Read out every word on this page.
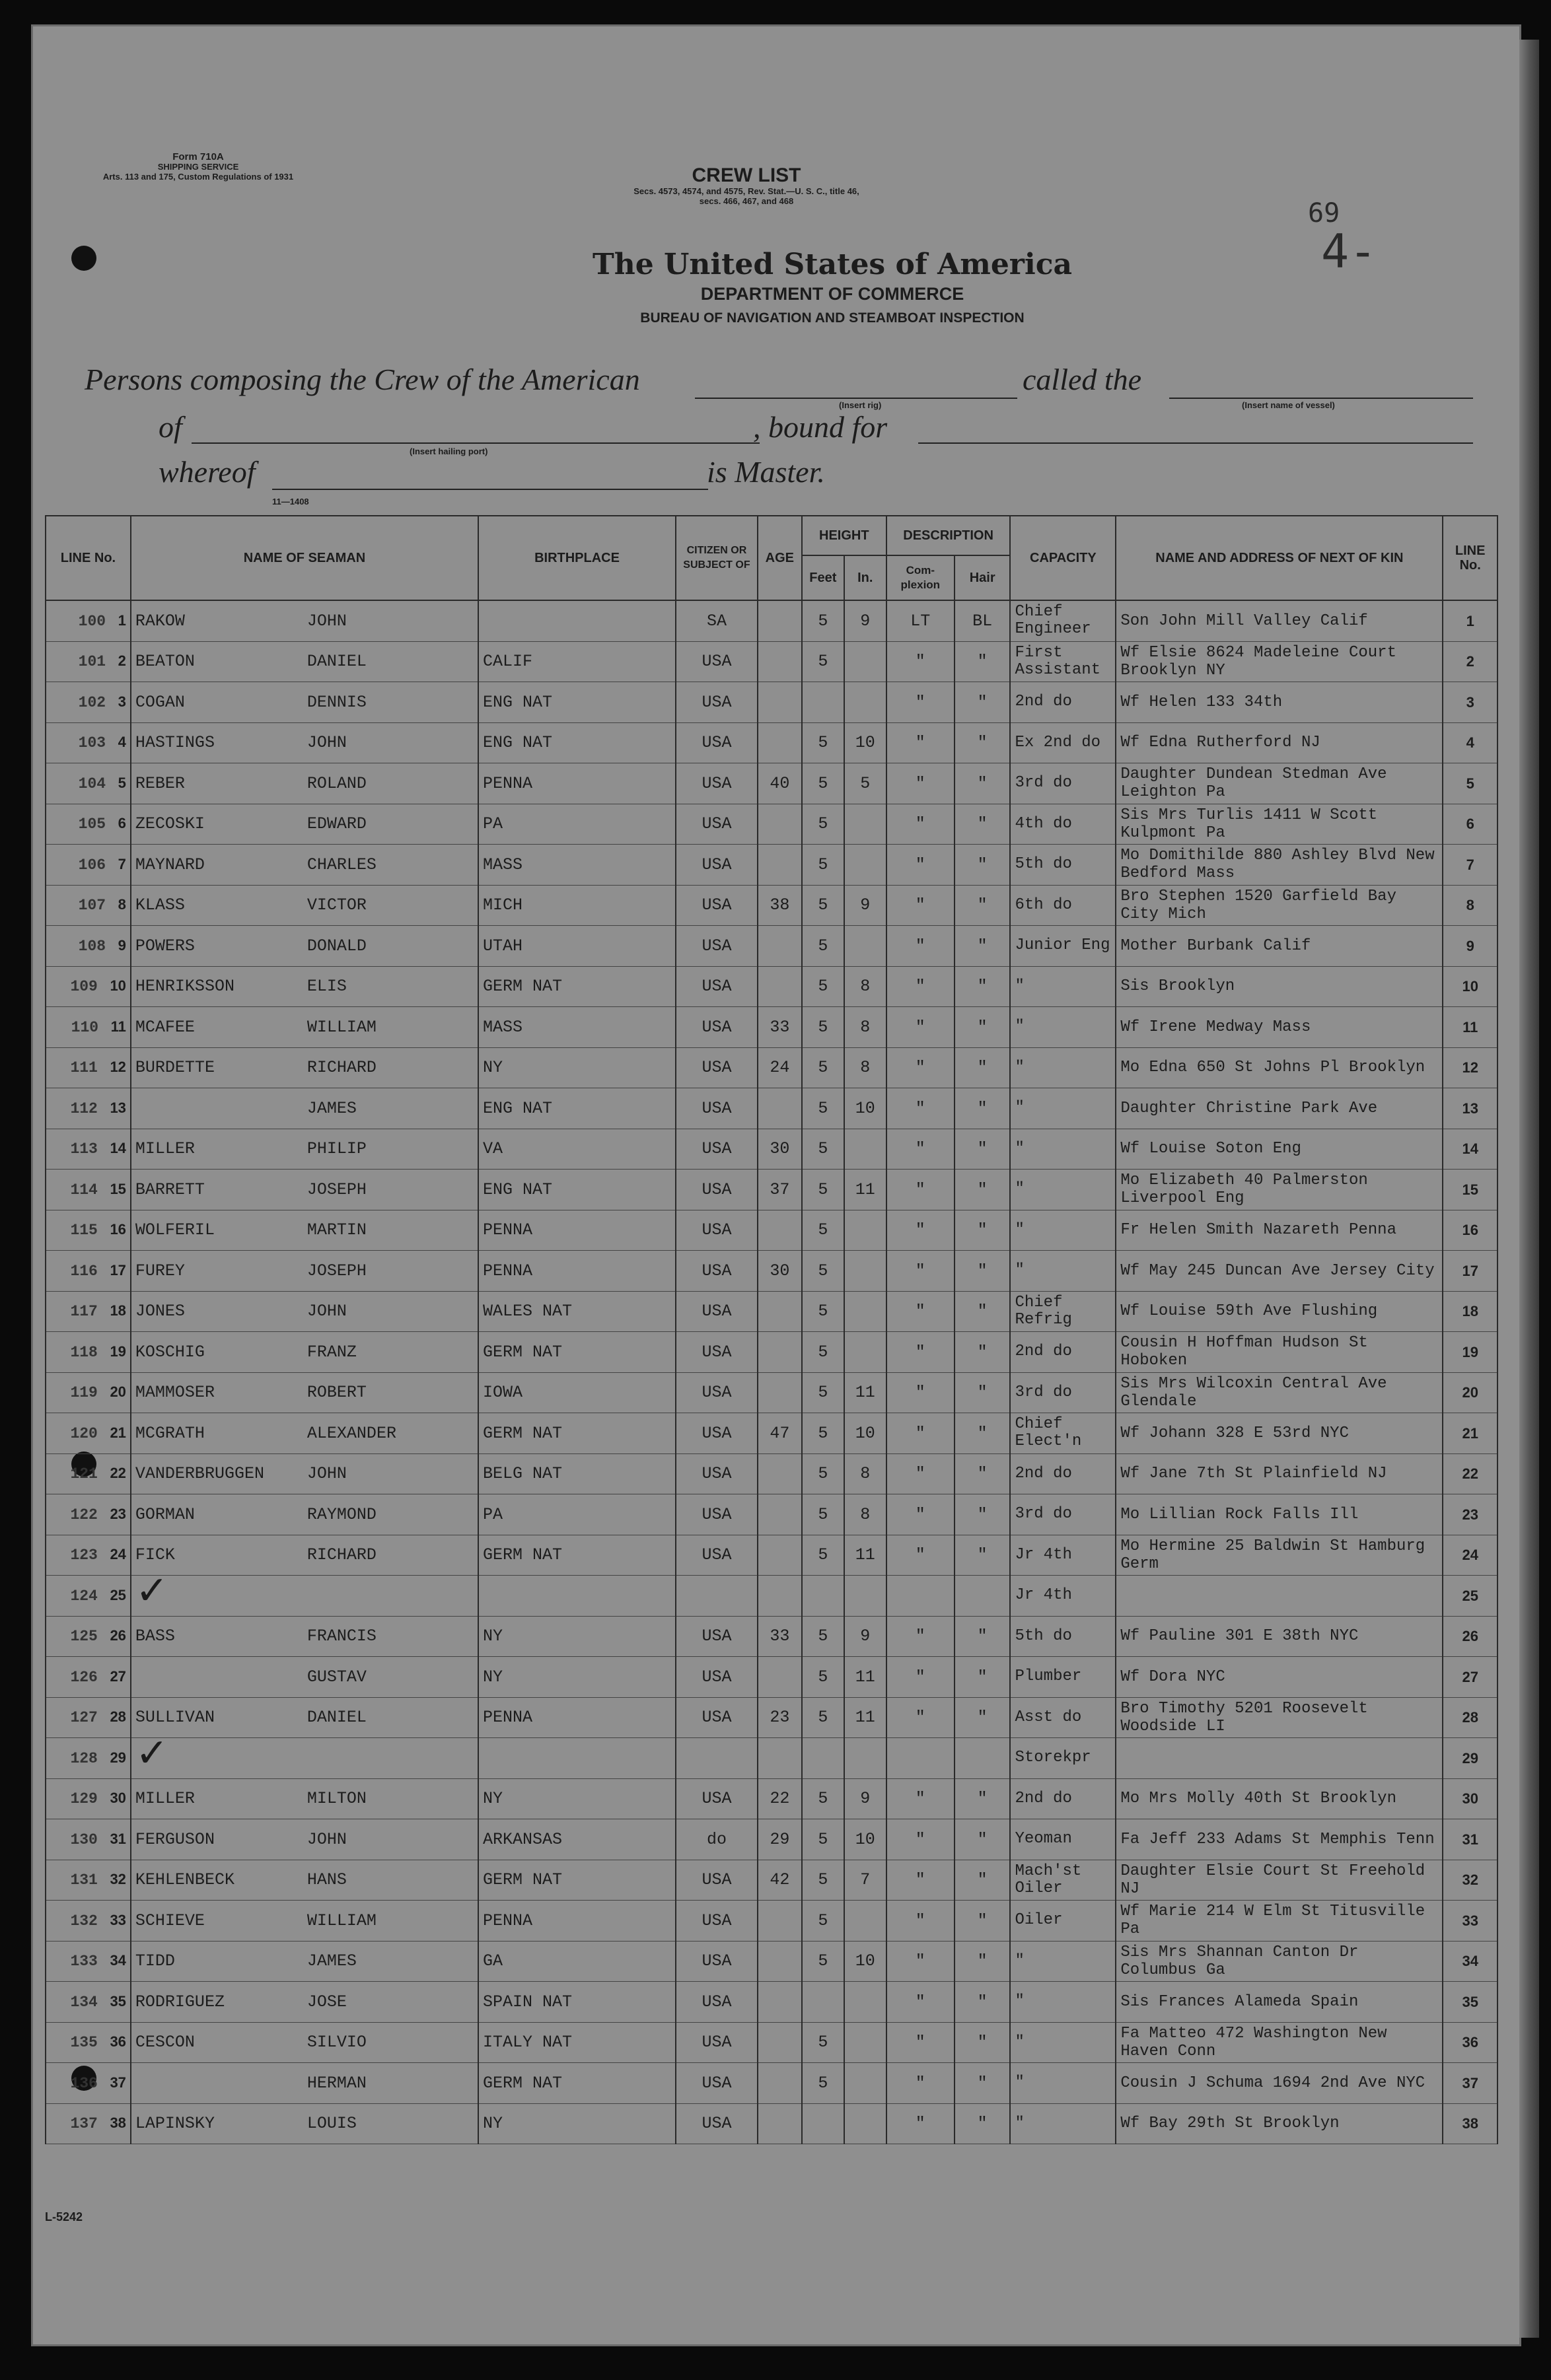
Form 710A
SHIPPING SERVICE
Arts. 113 and 175, Custom Regulations of 1931	CREW LIST
Secs. 4573, 4574, and 4575, Rev. Stat.—U. S. C., title 46,
secs. 466, 467, and 468	69
4-
The United States of America
DEPARTMENT OF COMMERCE
BUREAU OF NAVIGATION AND STEAMBOAT INSPECTION
Persons composing the Crew of the American
(Insert rig)
called the
(Insert name of vessel)
of
(Insert hailing port)
, bound for
whereof	is Master.
11—1408
LINE No.	NAME OF SEAMAN	BIRTHPLACE	CITIZEN OR SUBJECT OF	AGE	HEIGHT		DESCRIPTION		CAPACITY	NAME AND ADDRESS OF NEXT OF KIN	LINE No.
					Feet	In.	Com- plexion	Hair			
100 1	RAKOW JOHN		SA		5	9	LT	BL	Chief Engineer	Son John Mill Valley Calif	1
101 2	BEATON DANIEL	CALIF	USA		5		"	"	First Assistant	Wf Elsie 8624 Madeleine Court Brooklyn NY	2
102 3	COGAN DENNIS	ENG NAT	USA				"	"	2nd do	Wf Helen 133 34th	3
103 4	HASTINGS JOHN	ENG NAT	USA		5	10	"	"	Ex 2nd do	Wf Edna Rutherford NJ	4
104 5	REBER ROLAND	PENNA	USA	40	5	5	"	"	3rd do	Daughter Dundean Stedman Ave Leighton Pa	5
105 6	ZECOSKI EDWARD	PA	USA		5		"	"	4th do	Sis Mrs Turlis 1411 W Scott Kulpmont Pa	6
106 7	MAYNARD CHARLES	MASS	USA		5		"	"	5th do	Mo Domithilde 880 Ashley Blvd New Bedford Mass	7
107 8	KLASS VICTOR	MICH	USA	38	5	9	"	"	6th do	Bro Stephen 1520 Garfield Bay City Mich	8
108 9	POWERS DONALD	UTAH	USA		5		"	"	Junior Eng	Mother Burbank Calif	9
109 10	HENRIKSSON ELIS	GERM NAT	USA		5	8	"	"	"	Sis Brooklyn	10
110 11	MCAFEE WILLIAM	MASS	USA	33	5	8	"	"	"	Wf Irene Medway Mass	11
111 12	BURDETTE RICHARD	NY	USA	24	5	8	"	"	"	Mo Edna 650 St Johns Pl Brooklyn	12
112 13	JAMES	ENG NAT	USA		5	10	"	"	"	Daughter Christine Park Ave	13
113 14	MILLER PHILIP	VA	USA	30	5		"	"	"	Wf Louise Soton Eng	14
114 15	BARRETT JOSEPH	ENG NAT	USA	37	5	11	"	"	"	Mo Elizabeth 40 Palmerston Liverpool Eng	15
115 16	WOLFERIL MARTIN	PENNA	USA		5		"	"	"	Fr Helen Smith Nazareth Penna	16
116 17	FUREY JOSEPH	PENNA	USA	30	5		"	"	"	Wf May 245 Duncan Ave Jersey City	17
117 18	JONES JOHN	WALES NAT	USA		5		"	"	Chief Refrig	Wf Louise 59th Ave Flushing	18
118 19	KOSCHIG FRANZ	GERM NAT	USA		5		"	"	2nd do	Cousin H Hoffman Hudson St Hoboken	19
119 20	MAMMOSER ROBERT	IOWA	USA		5	11	"	"	3rd do	Sis Mrs Wilcoxin Central Ave Glendale	20
120 21	MCGRATH ALEXANDER	GERM NAT	USA	47	5	10	"	"	Chief Elect'n	Wf Johann 328 E 53rd NYC	21
121 22	VANDERBRUGGEN JOHN	BELG NAT	USA		5	8	"	"	2nd do	Wf Jane 7th St Plainfield NJ	22
122 23	GORMAN RAYMOND	PA	USA		5	8	"	"	3rd do	Mo Lillian Rock Falls Ill	23
123 24	FICK RICHARD	GERM NAT	USA		5	11	"	"	Jr 4th	Mo Hermine 25 Baldwin St Hamburg Germ	24
124 25	✓								Jr 4th		25
125 26	BASS FRANCIS	NY	USA	33	5	9	"	"	5th do	Wf Pauline 301 E 38th NYC	26
126 27	GUSTAV	NY	USA		5	11	"	"	Plumber	Wf Dora NYC	27
127 28	SULLIVAN DANIEL	PENNA	USA	23	5	11	"	"	Asst do	Bro Timothy 5201 Roosevelt Woodside LI	28
128 29	✓								Storekpr		29
129 30	MILLER MILTON	NY	USA	22	5	9	"	"	2nd do	Mo Mrs Molly 40th St Brooklyn	30
130 31	FERGUSON JOHN	ARKANSAS	do	29	5	10	"	"	Yeoman	Fa Jeff 233 Adams St Memphis Tenn	31
131 32	KEHLENBECK HANS	GERM NAT	USA	42	5	7	"	"	Mach'st Oiler	Daughter Elsie Court St Freehold NJ	32
132 33	SCHIEVE WILLIAM	PENNA	USA		5		"	"	Oiler	Wf Marie 214 W Elm St Titusville Pa	33
133 34	TIDD JAMES	GA	USA		5	10	"	"	"	Sis Mrs Shannan Canton Dr Columbus Ga	34
134 35	RODRIGUEZ JOSE	SPAIN NAT	USA				"	"	"	Sis Frances Alameda Spain	35
135 36	CESCON SILVIO	ITALY NAT	USA		5		"	"	"	Fa Matteo 472 Washington New Haven Conn	36
136 37	HERMAN	GERM NAT	USA		5		"	"	"	Cousin J Schuma 1694 2nd Ave NYC	37
137 38	LAPINSKY LOUIS	NY	USA				"	"	"	Wf Bay 29th St Brooklyn	38
L-5242
